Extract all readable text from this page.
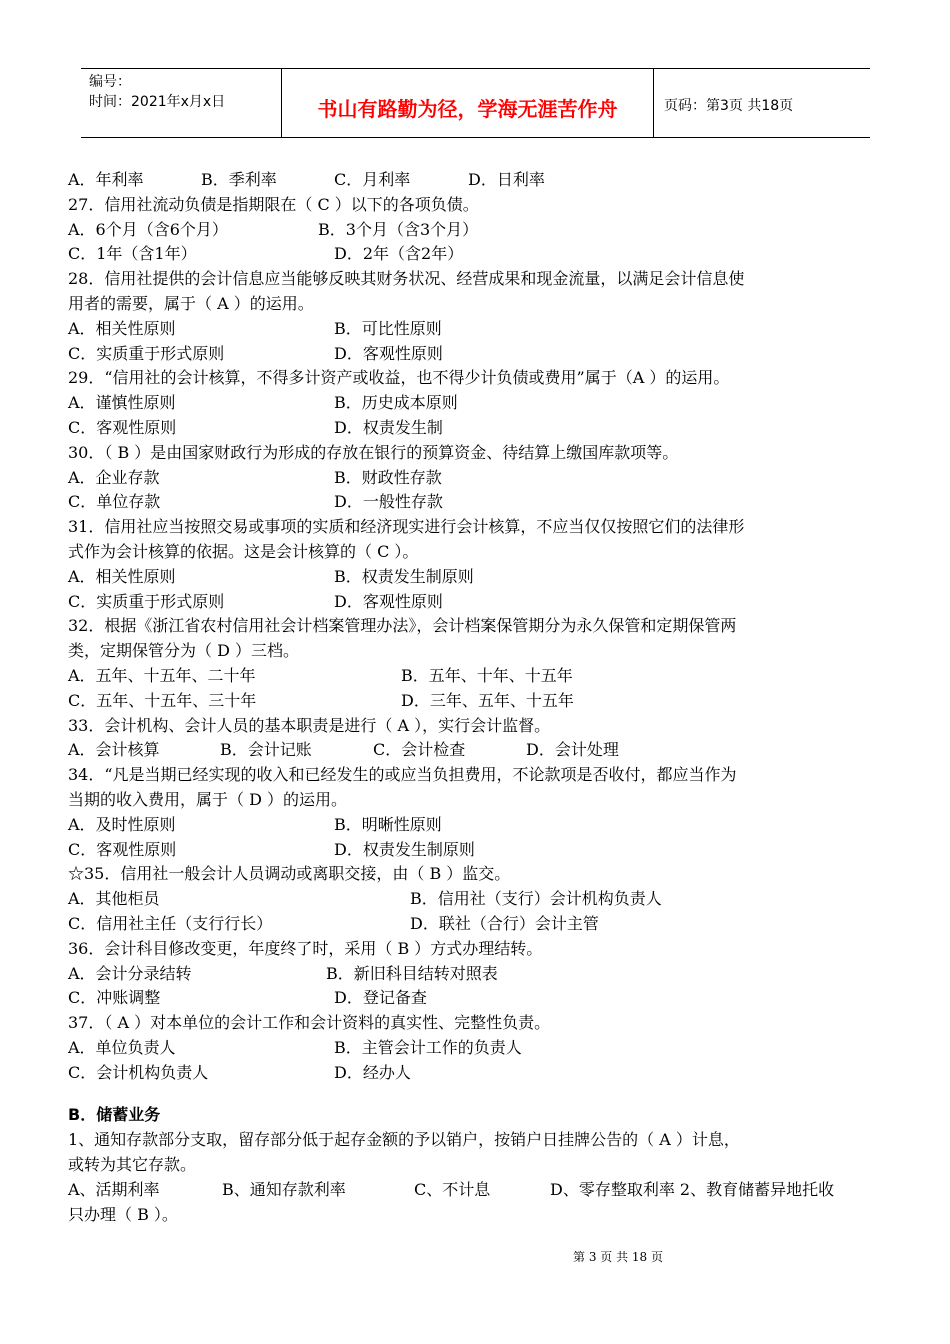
编号：
时间：2021年x月x日	书山有路勤为径，学海无涯苦作舟	页码：第3页 共18页
A．年利率	B．季利率	C．月利率	D．日利率
27．信用社流动负债是指期限在（ C ）以下的各项负债。
A．6个月（含6个月）	B．3个月（含3个月）
C．1年（含1年）	D．2年（含2年）
28．信用社提供的会计信息应当能够反映其财务状况、经营成果和现金流量，以满足会计信息使
用者的需要，属于（ A ）的运用。
A．相关性原则	B．可比性原则
C．实质重于形式原则	D．客观性原则
29．“信用社的会计核算，不得多计资产或收益，也不得少计负债或费用”属于（A ）的运用。
A．谨慎性原则	B．历史成本原则
C．客观性原则	D．权责发生制
30．（ B ）是由国家财政行为形成的存放在银行的预算资金、待结算上缴国库款项等。
A．企业存款	B．财政性存款
C．单位存款	D．一般性存款
31．信用社应当按照交易或事项的实质和经济现实进行会计核算，不应当仅仅按照它们的法律形
式作为会计核算的依据。这是会计核算的（ C ）。
A．相关性原则	B．权责发生制原则
C．实质重于形式原则	D．客观性原则
32．根据《浙江省农村信用社会计档案管理办法》，会计档案保管期分为永久保管和定期保管两
类，定期保管分为（ D ）三档。
A．五年、十五年、二十年	B．五年、十年、十五年
C．五年、十五年、三十年	D．三年、五年、十五年
33．会计机构、会计人员的基本职责是进行（ A ），实行会计监督。
A．会计核算	B．会计记账	C．会计检查	D．会计处理
34．“凡是当期已经实现的收入和已经发生的或应当负担费用，不论款项是否收付，都应当作为
当期的收入费用，属于（ D ）的运用。
A．及时性原则	B．明晰性原则
C．客观性原则	D．权责发生制原则
☆35．信用社一般会计人员调动或离职交接，由（ B ）监交。
A．其他柜员	B．信用社（支行）会计机构负责人
C．信用社主任（支行行长）	D．联社（合行）会计主管
36．会计科目修改变更，年度终了时，采用（ B ）方式办理结转。
A．会计分录结转	B．新旧科目结转对照表
C．冲账调整	D．登记备查
37．（ A ）对本单位的会计工作和会计资料的真实性、完整性负责。
A．单位负责人	B．主管会计工作的负责人
C．会计机构负责人	D．经办人
B．储蓄业务
1、通知存款部分支取，留存部分低于起存金额的予以销户，按销户日挂牌公告的（ A ）计息，
或转为其它存款。
A、活期利率	B、通知存款利率	C、不计息	D、零存整取利率 2、教育储蓄异地托收
只办理（ B ）。
第 3 页 共 18 页
